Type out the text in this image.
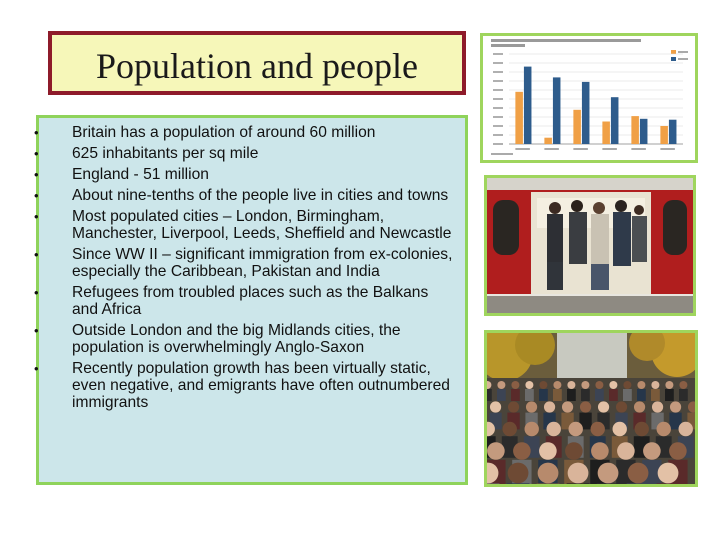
Population and people
• Britain has a population of around 60 million
• 625 inhabitants per sq mile
• England - 51 million
• About nine-tenths of the people live in cities and towns
• Most populated cities – London, Birmingham, Manchester, Liverpool, Leeds, Sheffield and Newcastle
• Since WW II – significant immigration from ex-colonies, especially the Caribbean, Pakistan and India
• Refugees from troubled places such as the Balkans and Africa
• Outside London and the big Midlands cities, the population is overwhelmingly Anglo-Saxon
• Recently population growth has been virtually static, even negative, and emigrants have often outnumbered immigrants
